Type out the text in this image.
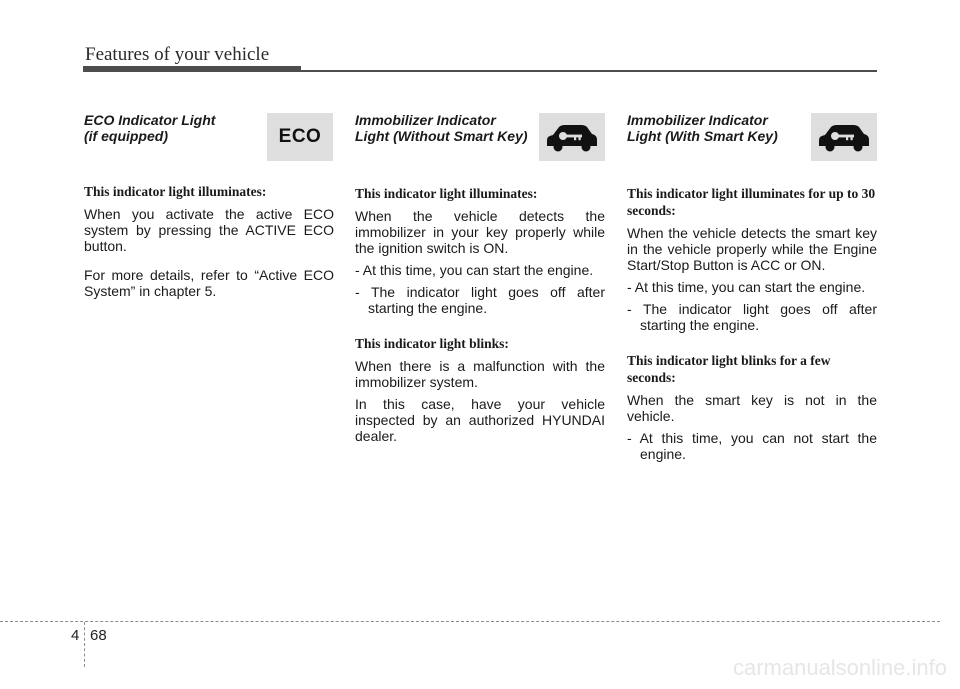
Features of your vehicle
ECO Indicator Light
(if equipped)	ECO
This indicator light illuminates:
When you activate the active ECO system by pressing the ACTIVE ECO button.
For more details, refer to “Active ECO System” in chapter 5.
Immobilizer Indicator
Light (Without Smart Key)
This indicator light illuminates:
When the vehicle detects the immobilizer in your key properly while the ignition switch is ON.
- At this time, you can start the engine.
- The indicator light goes off after starting the engine.
This indicator light blinks:
When there is a malfunction with the immobilizer system.
In this case, have your vehicle inspected by an authorized HYUNDAI dealer.
Immobilizer Indicator
Light (With Smart Key)
This indicator light illuminates for up to 30 seconds:
When the vehicle detects the smart key in the vehicle properly while the Engine Start/Stop Button is ACC or ON.
- At this time, you can start the engine.
- The indicator light goes off after starting the engine.
This indicator light blinks for a few seconds:
When the smart key is not in the vehicle.
- At this time, you can not start the engine.
4 68
carmanualsonline.info
